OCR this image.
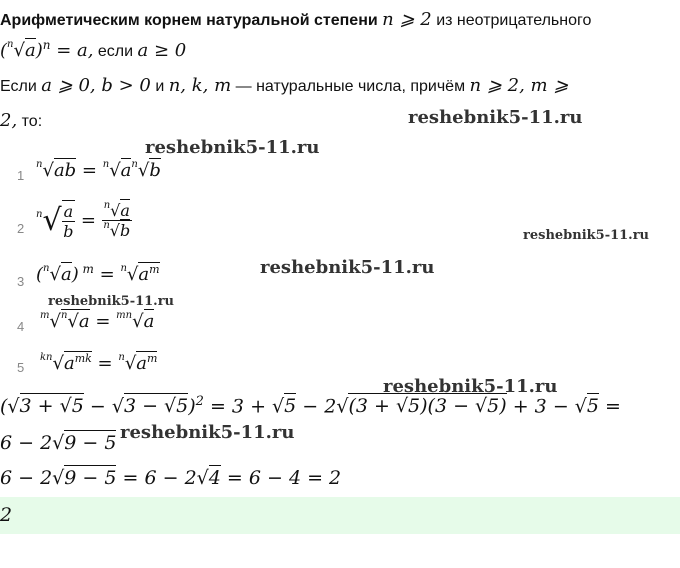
Арифметическим корнем натуральной степени n ⩾ 2 из неотрицательного
$(^n√a)^n = a$, если a ≥ 0
Если a ⩾ 0, b > 0 и n, k, m — натуральные числа, причём n ⩾ 2, m ⩾
2, то:	reshebnik5-11.ru
reshebnik5-11.ru
reshebnik5-11.ru
reshebnik5-11.ru
reshebnik5-11.ru
reshebnik5-11.ru
reshebnik5-11.ru
1
$^n√ab = ^n√a^n√b$
2
$^n√ \frac{a}{b} = \frac{^n√a}{^n√b}$
3 ($^n$√a) $^m = ^n√a^m$
4
$^m$√$^n$√a = $^{mn}$√a
5
$^{kn}√a^{mk} = ^n√a^m$
$(√3 + √5 - √3 - √5)^2 = 3 + √5 - 2√(3 + √5)(3 - √5) + 3 - √5$ =
6 − 2√9 − 5
6 − 2√9 − 5 = 6 − 2√4 = 6 − 4 = 2
2
